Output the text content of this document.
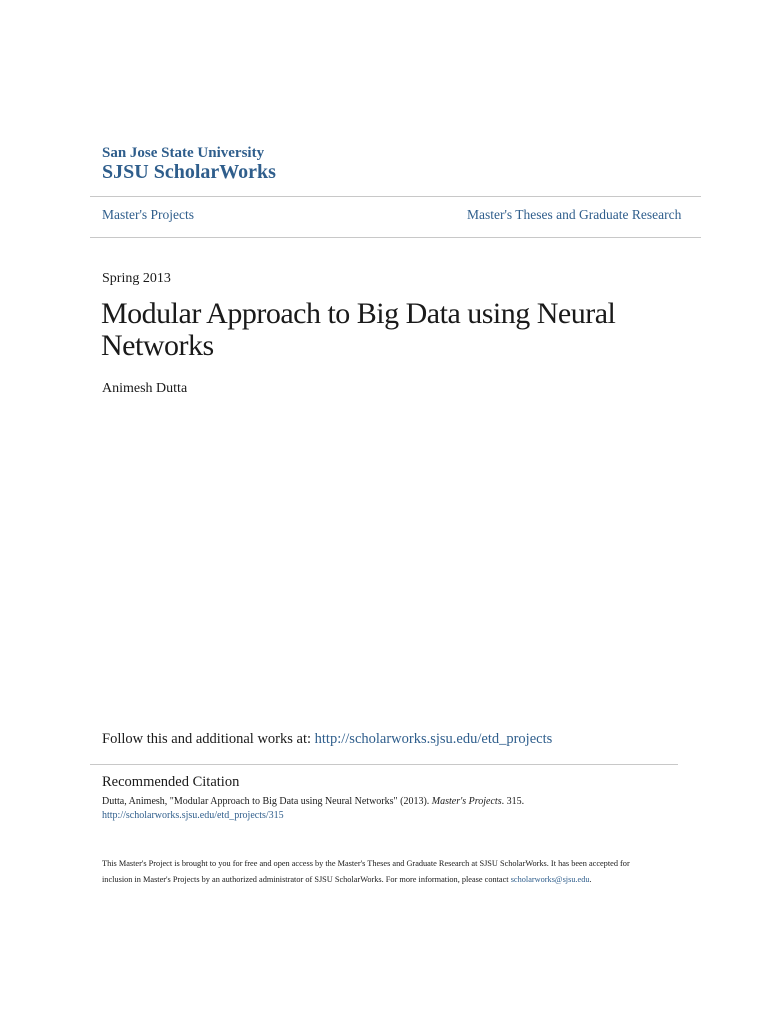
San Jose State University
SJSU ScholarWorks
Master's Projects	Master's Theses and Graduate Research
Spring 2013
Modular Approach to Big Data using Neural Networks
Animesh Dutta
Follow this and additional works at: http://scholarworks.sjsu.edu/etd_projects
Recommended Citation
Dutta, Animesh, "Modular Approach to Big Data using Neural Networks" (2013). Master's Projects. 315.
http://scholarworks.sjsu.edu/etd_projects/315
This Master's Project is brought to you for free and open access by the Master's Theses and Graduate Research at SJSU ScholarWorks. It has been accepted for inclusion in Master's Projects by an authorized administrator of SJSU ScholarWorks. For more information, please contact scholarworks@sjsu.edu.
